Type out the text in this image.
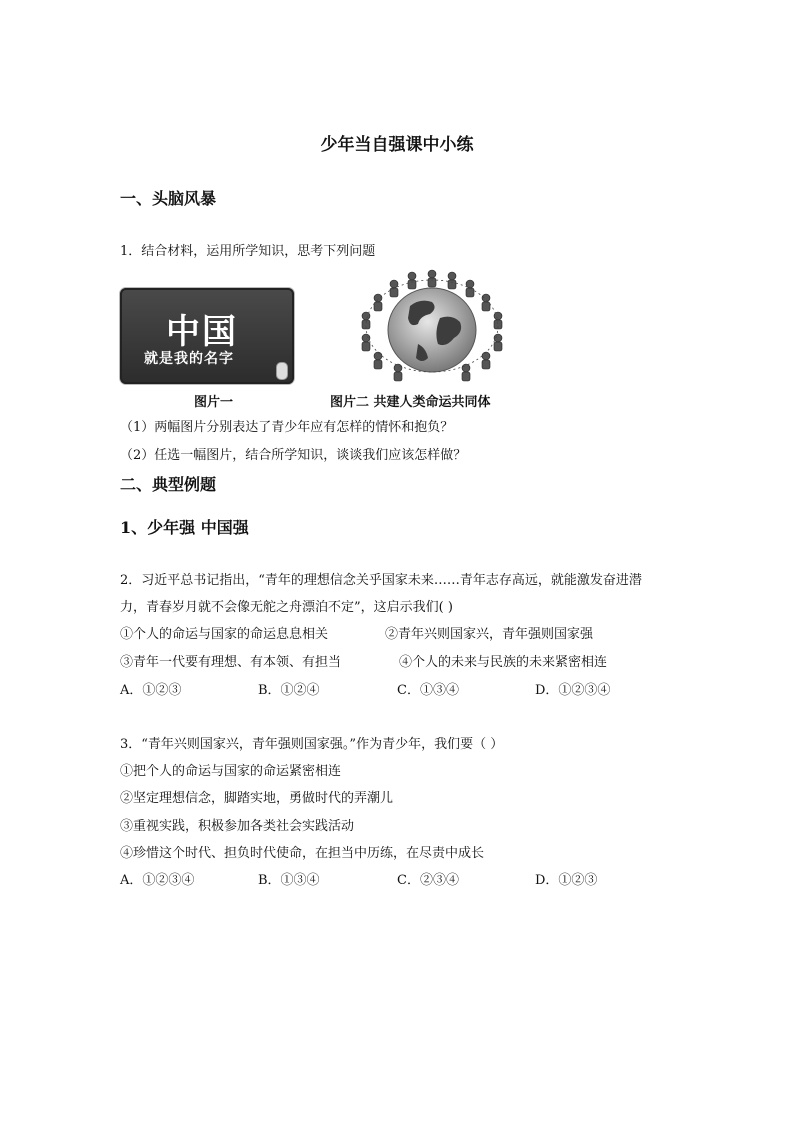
少年当自强课中小练
一、头脑风暴
1．结合材料，运用所学知识，思考下列问题
中国
就是我的名字
图片一	图片二 共建人类命运共同体
（1）两幅图片分别表达了青少年应有怎样的情怀和抱负？
（2）任选一幅图片，结合所学知识，谈谈我们应该怎样做？
二、典型例题
1、少年强 中国强
2．习近平总书记指出，“青年的理想信念关乎国家未来……青年志存高远，就能激发奋进潜
力，青春岁月就不会像无舵之舟漂泊不定”，这启示我们( )
①个人的命运与国家的命运息息相关	②青年兴则国家兴，青年强则国家强
③青年一代要有理想、有本领、有担当	④个人的未来与民族的未来紧密相连
A．①②③	B．①②④	C．①③④	D．①②③④
3．“青年兴则国家兴，青年强则国家强。”作为青少年，我们要（ ）
①把个人的命运与国家的命运紧密相连
②坚定理想信念，脚踏实地，勇做时代的弄潮儿
③重视实践，积极参加各类社会实践活动
④珍惜这个时代、担负时代使命，在担当中历练，在尽责中成长
A．①②③④	B．①③④	C．②③④	D．①②③
